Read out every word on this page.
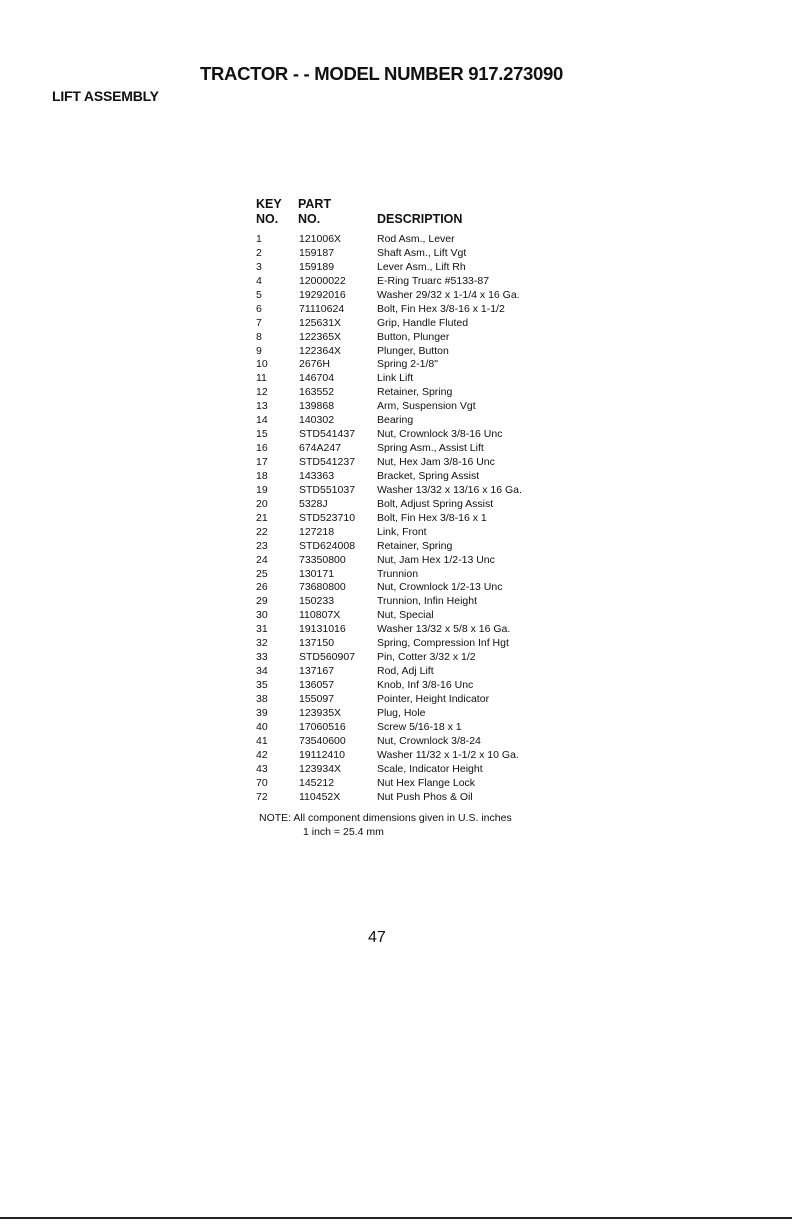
TRACTOR - - MODEL NUMBER 917.273090
LIFT ASSEMBLY
KEY
NO.
PART
NO.	DESCRIPTION
1	121006X	Rod Asm., Lever
2	159187	Shaft Asm., Lift Vgt
3	159189	Lever Asm., Lift Rh
4	12000022	E-Ring Truarc #5133-87
5	19292016	Washer 29/32 x 1-1/4 x 16 Ga.
6	71110624	Bolt, Fin Hex 3/8-16 x 1-1/2
7	125631X	Grip, Handle Fluted
8	122365X	Button, Plunger
9	122364X	Plunger, Button
10	2676H	Spring 2-1/8"
11	146704	Link Lift
12	163552	Retainer, Spring
13	139868	Arm, Suspension Vgt
14	140302	Bearing
15	STD541437 Nut, Crownlock 3/8-16 Unc
16	674A247	Spring Asm., Assist Lift
17	STD541237 Nut, Hex Jam 3/8-16 Unc
18	143363	Bracket, Spring Assist
19	STD551037 Washer 13/32 x 13/16 x 16 Ga.
20	5328J	Bolt, Adjust Spring Assist
21	STD523710 Bolt, Fin Hex 3/8-16 x 1
22	127218	Link, Front
23	STD624008 Retainer, Spring
24	73350800	Nut, Jam Hex 1/2-13 Unc
25	130171	Trunnion
26	73680800	Nut, Crownlock 1/2-13 Unc
29	150233	Trunnion, Infin Height
30	110807X	Nut, Special
31	19131016	Washer 13/32 x 5/8 x 16 Ga.
32	137150	Spring, Compression Inf Hgt
33	STD560907 Pin, Cotter 3/32 x 1/2
34	137167	Rod, Adj Lift
35	136057	Knob, Inf 3/8-16 Unc
38	155097	Pointer, Height Indicator
39	123935X	Plug, Hole
40	17060516	Screw 5/16-18 x 1
41	73540600	Nut, Crownlock 3/8-24
42	19112410	Washer 11/32 x 1-1/2 x 10 Ga.
43	123934X	Scale, Indicator Height
70	145212	Nut Hex Flange Lock
72	110452X	Nut Push Phos & Oil
NOTE: All component dimensions given in U.S. inches
1 inch = 25.4 mm
47
